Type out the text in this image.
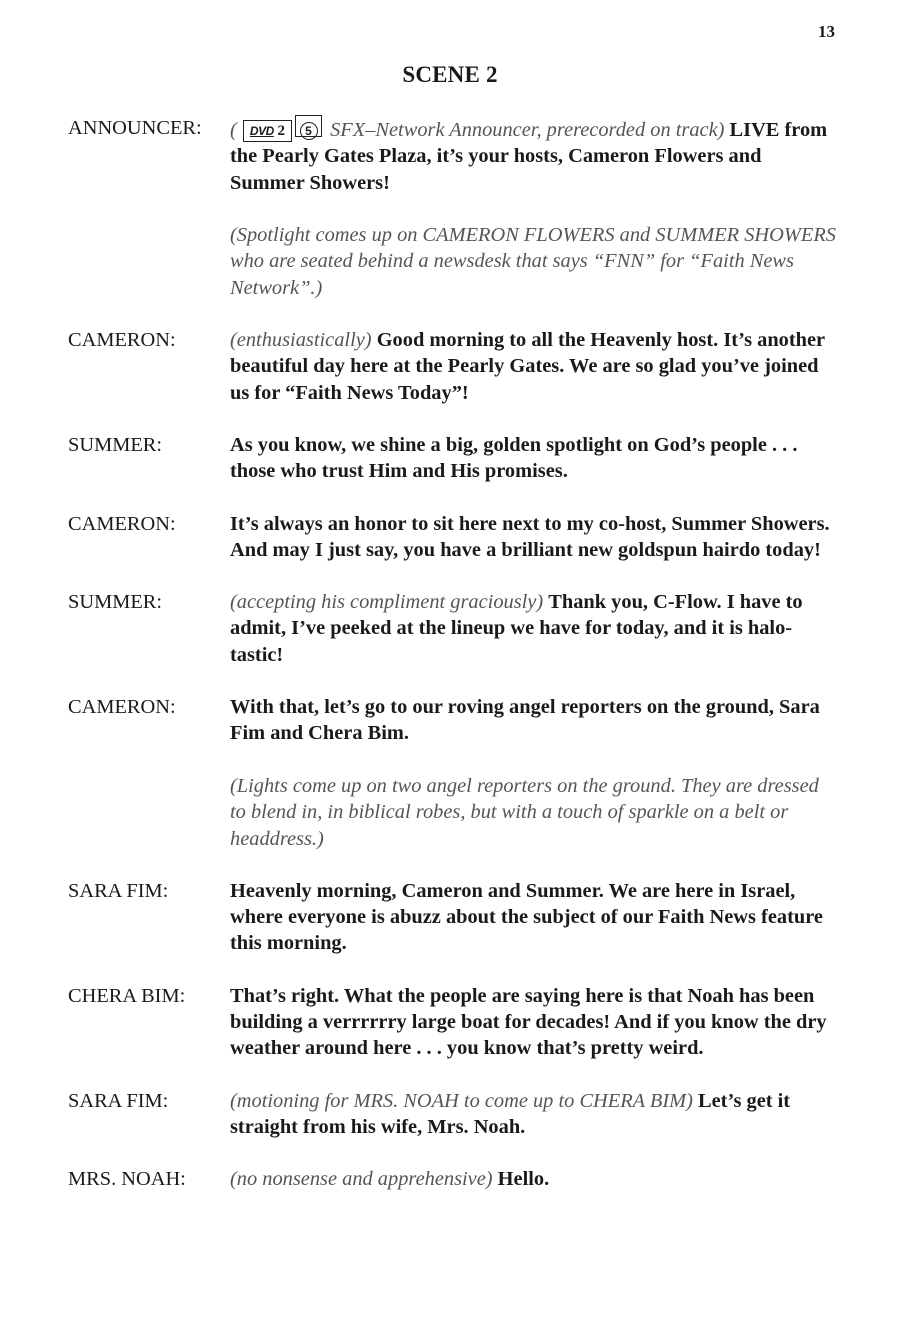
13
SCENE 2
ANNOUNCER:	( DVD 2 5 SFX–Network Announcer, prerecorded on track) LIVE from the Pearly Gates Plaza, it’s your hosts, Cameron Flowers and Summer Showers!

(Spotlight comes up on CAMERON FLOWERS and SUMMER SHOWERS who are seated behind a newsdesk that says “FNN” for “Faith News Network”.)

CAMERON:	(enthusiastically) Good morning to all the Heavenly host. It’s another beautiful day here at the Pearly Gates. We are so glad you’ve joined us for “Faith News Today”!

SUMMER:	As you know, we shine a big, golden spotlight on God’s people . . . those who trust Him and His promises.

CAMERON:	It’s always an honor to sit here next to my co-host, Summer Showers. And may I just say, you have a brilliant new goldspun hairdo today!

SUMMER:	(accepting his compliment graciously) Thank you, C-Flow. I have to admit, I’ve peeked at the lineup we have for today, and it is halo-tastic!

CAMERON:	With that, let’s go to our roving angel reporters on the ground, Sara Fim and Chera Bim.

(Lights come up on two angel reporters on the ground. They are dressed to blend in, in biblical robes, but with a touch of sparkle on a belt or headdress.)

SARA FIM:	Heavenly morning, Cameron and Summer. We are here in Israel, where everyone is abuzz about the subject of our Faith News feature this morning.

CHERA BIM:	That’s right. What the people are saying here is that Noah has been building a verrrrrry large boat for decades! And if you know the dry weather around here . . . you know that’s pretty weird.

SARA FIM:	(motioning for MRS. NOAH to come up to CHERA BIM) Let’s get it straight from his wife, Mrs. Noah.

MRS. NOAH:	(no nonsense and apprehensive) Hello.
